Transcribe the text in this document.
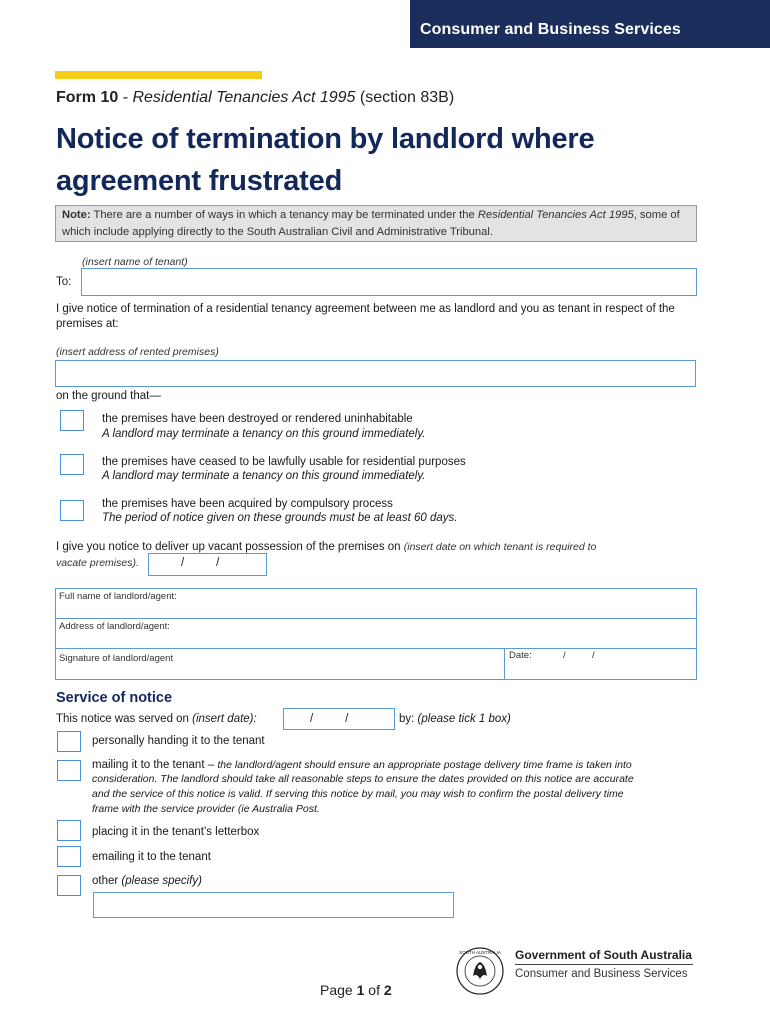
Consumer and Business Services
Form 10 - Residential Tenancies Act 1995 (section 83B)
Notice of termination by landlord where agreement frustrated
Note: There are a number of ways in which a tenancy may be terminated under the Residential Tenancies Act 1995, some of which include applying directly to the South Australian Civil and Administrative Tribunal.
(insert name of tenant)
To:
I give notice of termination of a residential tenancy agreement between me as landlord and you as tenant in respect of the premises at:
(insert address of rented premises)
on the ground that—
the premises have been destroyed or rendered uninhabitable
A landlord may terminate a tenancy on this ground immediately.
the premises have ceased to be lawfully usable for residential purposes
A landlord may terminate a tenancy on this ground immediately.
the premises have been acquired by compulsory process
The period of notice given on these grounds must be at least 60 days.
I give you notice to deliver up vacant possession of the premises on (insert date on which tenant is required to
vacate premises).	/          /
Full name of landlord/agent:
Address of landlord/agent:
Signature of landlord/agent	Date:	/          /
Service of notice
This notice was served on (insert date):	/          /	by: (please tick 1 box)
personally handing it to the tenant
mailing it to the tenant – the landlord/agent should ensure an appropriate postage delivery time frame is taken into
consideration. The landlord should take all reasonable steps to ensure the dates provided on this notice are accurate
and the service of this notice is valid. If serving this notice by mail, you may wish to confirm the postal delivery time
frame with the service provider (ie Australia Post.
placing it in the tenant’s letterbox
emailing it to the tenant
other (please specify)
Page 1 of 2
SOUTH AUSTRALIA Government of South Australia
Consumer and Business Services
